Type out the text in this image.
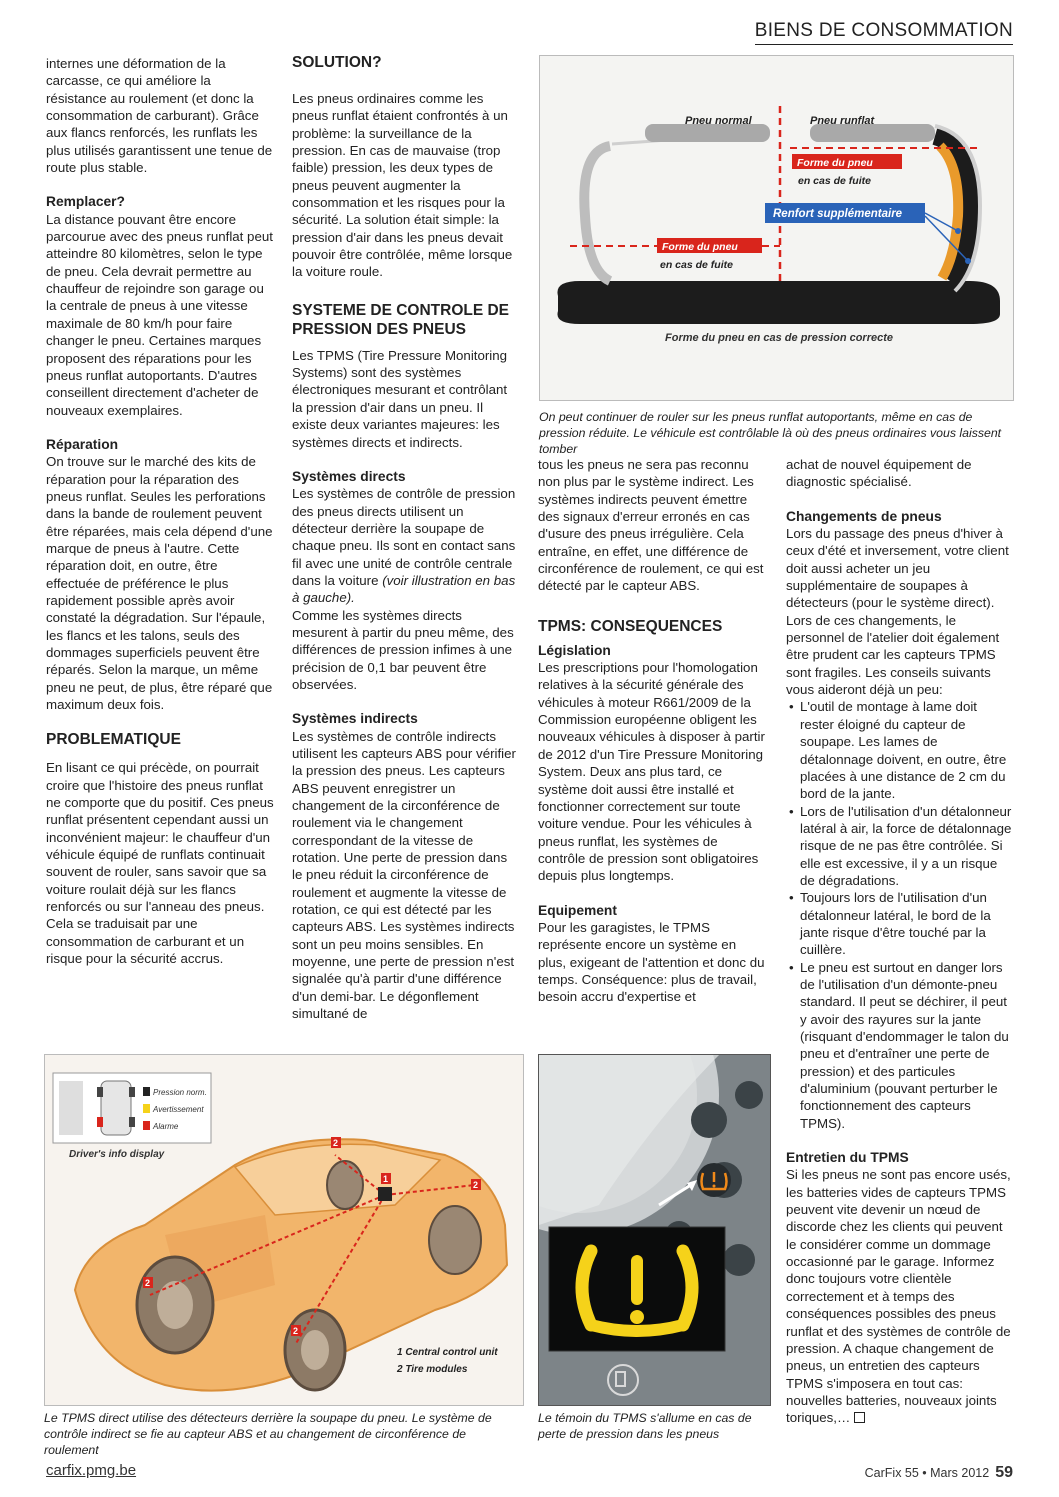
BIENS DE CONSOMMATION

internes une déformation de la carcasse, ce qui améliore la résistance au roulement (et donc la consommation de carburant). Grâce aux flancs renforcés, les runflats les plus utilisés garantissent une tenue de route plus stable.

Remplacer?

La distance pouvant être encore parcourue avec des pneus runflat peut atteindre 80 kilomètres, selon le type de pneu. Cela devrait permettre au chauffeur de rejoindre son garage ou la centrale de pneus à une vitesse maximale de 80 km/h pour faire changer le pneu. Certaines marques proposent des réparations pour les pneus runflat autoportants. D'autres conseillent directement d'acheter de nouveaux exemplaires.

Réparation

On trouve sur le marché des kits de réparation pour la réparation des pneus runflat. Seules les perforations dans la bande de roulement peuvent être réparées, mais cela dépend d'une marque de pneus à l'autre. Cette réparation doit, en outre, être effectuée de préférence le plus rapidement possible après avoir constaté la dégradation. Sur l'épaule, les flancs et les talons, seuls des dommages superficiels peuvent être réparés. Selon la marque, un même pneu ne peut, de plus, être réparé que maximum deux fois.

PROBLEMATIQUE

En lisant ce qui précède, on pourrait croire que l'histoire des pneus runflat ne comporte que du positif. Ces pneus runflat présentent cependant aussi un inconvénient majeur: le chauffeur d'un véhicule équipé de runflats continuait souvent de rouler, sans savoir que sa voiture roulait déjà sur les flancs renforcés ou sur l'anneau des pneus.

Cela se traduisait par une consommation de carburant et un risque pour la sécurité accrus.

SOLUTION?

Les pneus ordinaires comme les pneus runflat étaient confrontés à un problème: la surveillance de la pression. En cas de mauvaise (trop faible) pression, les deux types de pneus peuvent augmenter la consommation et les risques pour la sécurité. La solution était simple: la pression d'air dans les pneus devait pouvoir être contrôlée, même lorsque la voiture roule.

SYSTEME DE CONTROLE DE PRESSION DES PNEUS

Les TPMS (Tire Pressure Monitoring Systems) sont des systèmes électroniques mesurant et contrôlant la pression d'air dans un pneu. Il existe deux variantes majeures: les systèmes directs et indirects.

Systèmes directs

Les systèmes de contrôle de pression des pneus directs utilisent un détecteur derrière la soupape de chaque pneu. Ils sont en contact sans fil avec une unité de contrôle centrale dans la voiture (voir illustration en bas à gauche).

Comme les systèmes directs mesurent à partir du pneu même, des différences de pression infimes à une précision de 0,1 bar peuvent être observées.

Systèmes indirects

Les systèmes de contrôle indirects utilisent les capteurs ABS pour vérifier la pression des pneus. Les capteurs ABS peuvent enregistrer un changement de la circonférence de roulement via le changement correspondant de la vitesse de rotation. Une perte de pression dans le pneu réduit la circonférence de roulement et augmente la vitesse de rotation, ce qui est détecté par les capteurs ABS. Les systèmes indirects sont un peu moins sensibles. En moyenne, une perte de pression n'est signalée qu'à partir d'une différence d'un demi-bar. Le dégonflement simultané de

Pneu normal	Pneu runflat
Forme du pneu
en cas de fuite
Renfort supplémentaire
Forme du pneu
en cas de fuite
Forme du pneu en cas de pression correcte
On peut continuer de rouler sur les pneus runflat autoportants, même en cas de pression réduite. Le véhicule est contrôlable là où des pneus ordinaires vous laissent tomber

tous les pneus ne sera pas reconnu non plus par le système indirect. Les systèmes indirects peuvent émettre des signaux d'erreur erronés en cas d'usure des pneus irrégulière. Cela entraîne, en effet, une différence de circonférence de roulement, ce qui est détecté par le capteur ABS.

TPMS: CONSEQUENCES
Législation

Les prescriptions pour l'homologation relatives à la sécurité générale des véhicules à moteur R661/2009 de la Commission européenne obligent les nouveaux véhicules à disposer à partir de 2012 d'un Tire Pressure Monitoring System. Deux ans plus tard, ce système doit aussi être installé et fonctionner correctement sur toute voiture vendue. Pour les véhicules à pneus runflat, les systèmes de contrôle de pression sont obligatoires depuis plus longtemps.

Equipement

Pour les garagistes, le TPMS représente encore un système en plus, exigeant de l'attention et donc du temps. Conséquence: plus de travail, besoin accru d'expertise et

achat de nouvel équipement de diagnostic spécialisé.

Changements de pneus

Lors du passage des pneus d'hiver à ceux d'été et inversement, votre client doit aussi acheter un jeu supplémentaire de soupapes à détecteurs (pour le système direct). Lors de ces changements, le personnel de l'atelier doit également être prudent car les capteurs TPMS sont fragiles. Les conseils suivants vous aideront déjà un peu:

• L'outil de montage à lame doit rester éloigné du capteur de soupape. Les lames de détalonnage doivent, en outre, être placées à une distance de 2 cm du bord de la jante.
• Lors de l'utilisation d'un détalonneur latéral à air, la force de détalonnage risque de ne pas être contrôlée. Si elle est excessive, il y a un risque de dégradations.
• Toujours lors de l'utilisation d'un détalonneur latéral, le bord de la jante risque d'être touché par la cuillère.
• Le pneu est surtout en danger lors de l'utilisation d'un démonte-pneu standard. Il peut se déchirer, il peut y avoir des rayures sur la jante (risquant d'endommager le talon du pneu et d'entraîner une perte de pression) et des particules d'aluminium (pouvant perturber le fonctionnement des capteurs TPMS).
Entretien du TPMS

Si les pneus ne sont pas encore usés, les batteries vides de capteurs TPMS peuvent vite devenir un nœud de discorde chez les clients qui peuvent le considérer comme un dommage occasionné par le garage. Informez donc toujours votre clientèle correctement et à temps des conséquences possibles des pneus runflat et des systèmes de contrôle de pression. A chaque changement de pneus, un entretien des capteurs TPMS s'imposera en tout cas: nouvelles batteries, nouveaux joints toriques,…

1
2
2
2
2
Pression norm.
Avertissement
Alarme
Driver's info display
1 Central control unit
2 Tire modules
Le TPMS direct utilise des détecteurs derrière la soupape du pneu. Le système de contrôle indirect se fie au capteur ABS et au changement de circonférence de roulement
Le témoin du TPMS s'allume en cas de perte de pression dans les pneus
carfix.pmg.be	CarFix 55 • Mars 2012 59
